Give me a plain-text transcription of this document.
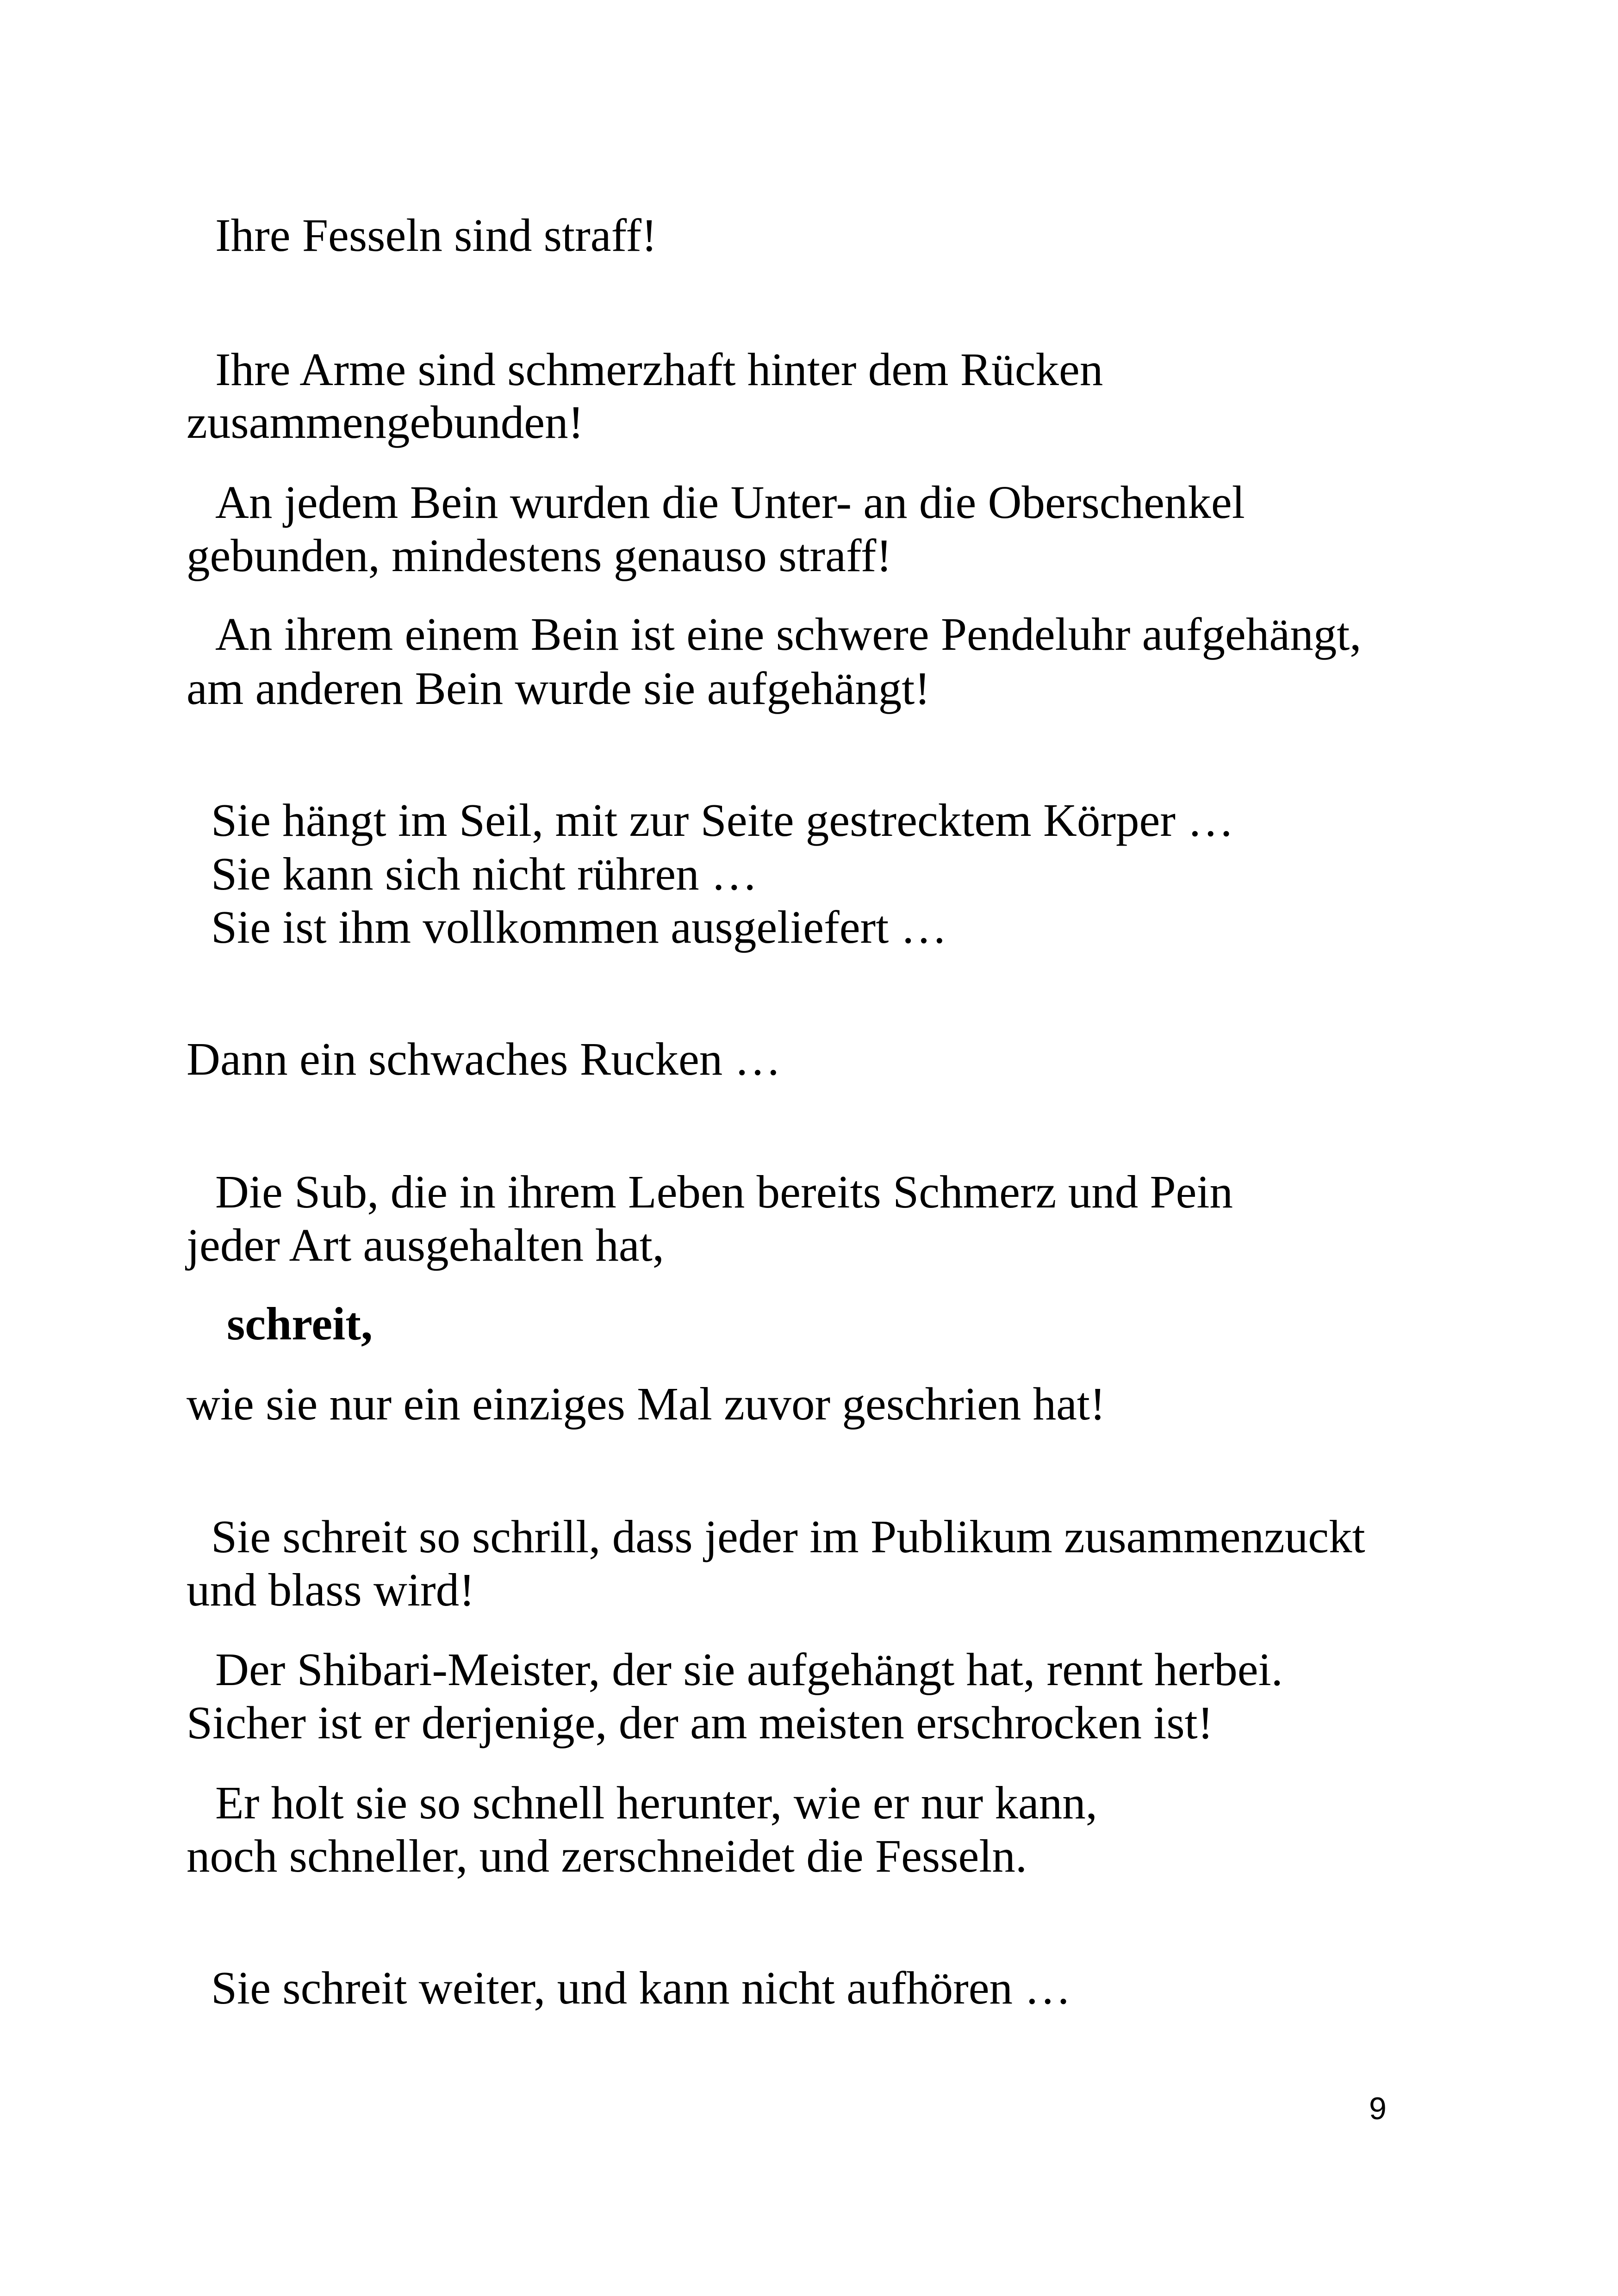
Ihre Fesseln sind straff!

Ihre Arme sind schmerzhaft hinter dem Rücken

zusammengebunden!

An jedem Bein wurden die Unter- an die Oberschenkel

gebunden, mindestens genauso straff!

An ihrem einem Bein ist eine schwere Pendeluhr aufgehängt,

am anderen Bein wurde sie aufgehängt!

Sie hängt im Seil, mit zur Seite gestrecktem Körper …

Sie kann sich nicht rühren …

Sie ist ihm vollkommen ausgeliefert …

Dann ein schwaches Rucken …

Die Sub, die in ihrem Leben bereits Schmerz und Pein

jeder Art ausgehalten hat,

schreit,

wie sie nur ein einziges Mal zuvor geschrien hat!

Sie schreit so schrill, dass jeder im Publikum zusammenzuckt

und blass wird!

Der Shibari-Meister, der sie aufgehängt hat, rennt herbei.

Sicher ist er derjenige, der am meisten erschrocken ist!

Er holt sie so schnell herunter, wie er nur kann,

noch schneller, und zerschneidet die Fesseln.

Sie schreit weiter, und kann nicht aufhören …

9
